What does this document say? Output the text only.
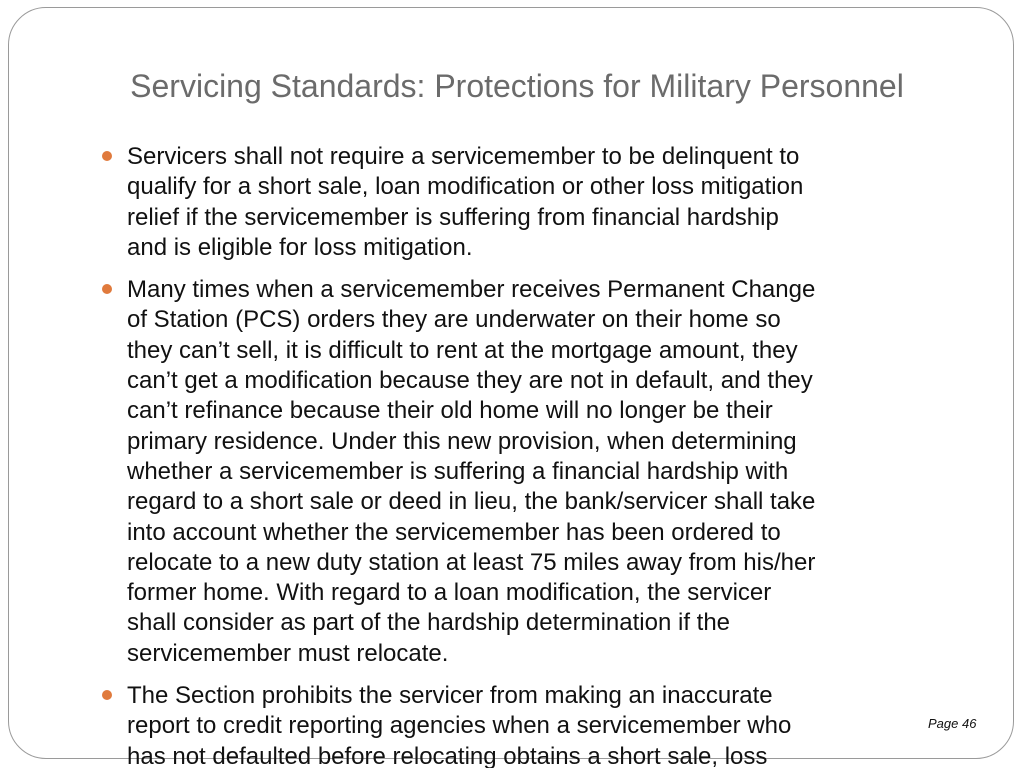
Servicing Standards: Protections for Military Personnel
Servicers shall not require a servicemember to be delinquent to
qualify for a short sale, loan modification or other loss mitigation
relief if the servicemember is suffering from financial hardship
and is eligible for loss mitigation.
Many times when a servicemember receives Permanent Change
of Station (PCS) orders they are underwater on their home so
they can’t sell, it is difficult to rent at the mortgage amount, they
can’t get a modification because they are not in default, and they
can’t refinance because their old home will no longer be their
primary residence. Under this new provision, when determining
whether a servicemember is suffering a financial hardship with
regard to a short sale or deed in lieu, the bank/servicer shall take
into account whether the servicemember has been ordered to
relocate to a new duty station at least 75 miles away from his/her
former home. With regard to a loan modification, the servicer
shall consider as part of the hardship determination if the
servicemember must relocate.
The Section prohibits the servicer from making an inaccurate
report to credit reporting agencies when a servicemember who
has not defaulted before relocating obtains a short sale, loss
Page 46
